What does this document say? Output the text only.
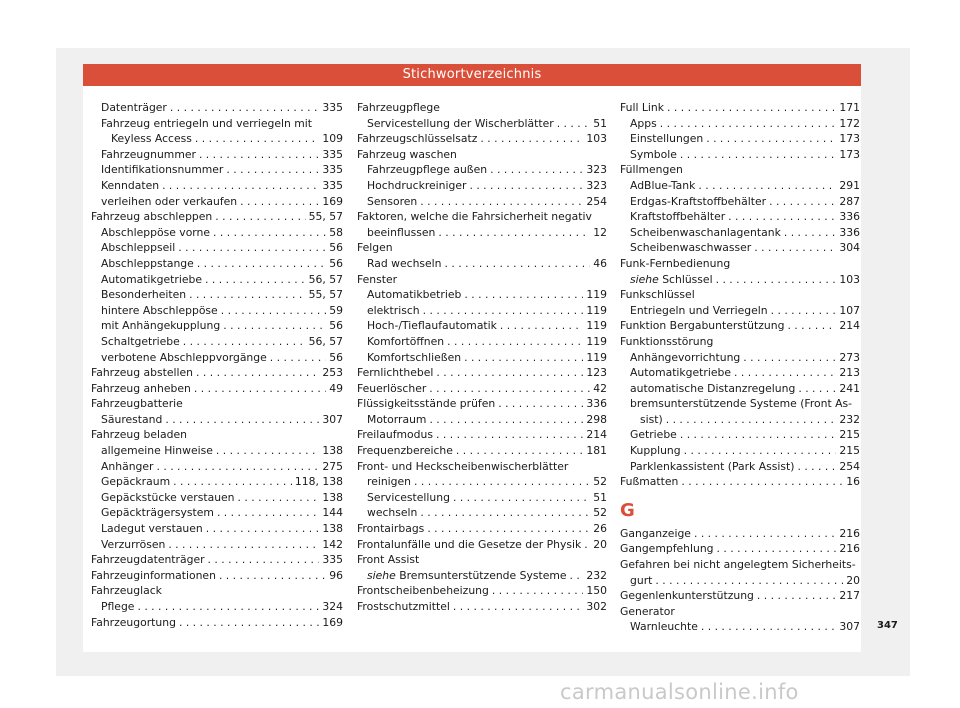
Stichwortverzeichnis
Datenträger . . .	335
Fahrzeug entriegeln und verriegeln mit
Keyless Access . . .	109
Fahrzeugnummer . . .	335
Identifikationsnummer . . .	335
Kenndaten . . .	335
verleihen oder verkaufen . . .	169
Fahrzeug abschleppen . . .	55, 57
Abschleppöse vorne . . .	58
Abschleppseil . . .	56
Abschleppstange . . .	56
Automatikgetriebe . . .	56, 57
Besonderheiten . . .	55, 57
hintere Abschleppöse . . .	59
mit Anhängekupplung . . .	56
Schaltgetriebe . . .	56, 57
verbotene Abschleppvorgänge . . .	56
Fahrzeug abstellen . . .	253
Fahrzeug anheben . . .	49
Fahrzeugbatterie
Säurestand . . .	307
Fahrzeug beladen
allgemeine Hinweise . . .	138
Anhänger . . .	275
Gepäckraum . . .	118, 138
Gepäckstücke verstauen . . .	138
Gepäckträgersystem . . .	144
Ladegut verstauen . . .	138
Verzurrösen . . .	142
Fahrzeugdatenträger . . .	335
Fahrzeuginformationen . . .	96
Fahrzeuglack
Pflege . . .	324
Fahrzeugortung . . .	169
Fahrzeugpflege
Servicestellung der Wischerblätter . . .	51
Fahrzeugschlüsselsatz . . .	103
Fahrzeug waschen
Fahrzeugpflege außen . . .	323
Hochdruckreiniger . . .	323
Sensoren . . .	254
Faktoren, welche die Fahrsicherheit negativ
beeinflussen . . .	12
Felgen
Rad wechseln . . .	46
Fenster
Automatikbetrieb . . .	119
elektrisch . . .	119
Hoch-/Tieflaufautomatik . . .	119
Komfortöffnen . . .	119
Komfortschließen . . .	119
Fernlichthebel . . .	123
Feuerlöscher . . .	42
Flüssigkeitsstände prüfen . . .	336
Motorraum . . .	298
Freilaufmodus . . .	214
Frequenzbereiche . . .	181
Front- und Heckscheibenwischerblätter
reinigen . . .	52
Servicestellung . . .	51
wechseln . . .	52
Frontairbags . . .	26
Frontalunfälle und die Gesetze der Physik . . . 20
Front Assist
siehe Bremsunterstützende Systeme . . . 232
Frontscheibenbeheizung . . .	150
Frostschutzmittel . . .	302
Full Link . . .	171
Apps . . .	172
Einstellungen . . .	173
Symbole . . .	173
Füllmengen
AdBlue-Tank . . .	291
Erdgas-Kraftstoffbehälter . . .	287
Kraftstoffbehälter . . .	336
Scheibenwaschanlagentank . . .	336
Scheibenwaschwasser . . .	304
Funk-Fernbedienung
siehe Schlüssel . . .	103
Funkschlüssel
Entriegeln und Verriegeln . . .	107
Funktion Bergabunterstützung . . .	214
Funktionsstörung
Anhängevorrichtung . . .	273
Automatikgetriebe . . .	213
automatische Distanzregelung . . .	241
bremsunterstützende Systeme (Front As-
sist) . . .	232
Getriebe . . .	215
Kupplung . . .	215
Parklenkassistent (Park Assist) . . .	254
Fußmatten . . .	16
G
Ganganzeige . . .	216
Gangempfehlung . . .	216
Gefahren bei nicht angelegtem Sicherheits-
gurt . . .	20
Gegenlenkunterstützung . . .	217
Generator
Warnleuchte . . .	307 347
carmanualsonline.info
